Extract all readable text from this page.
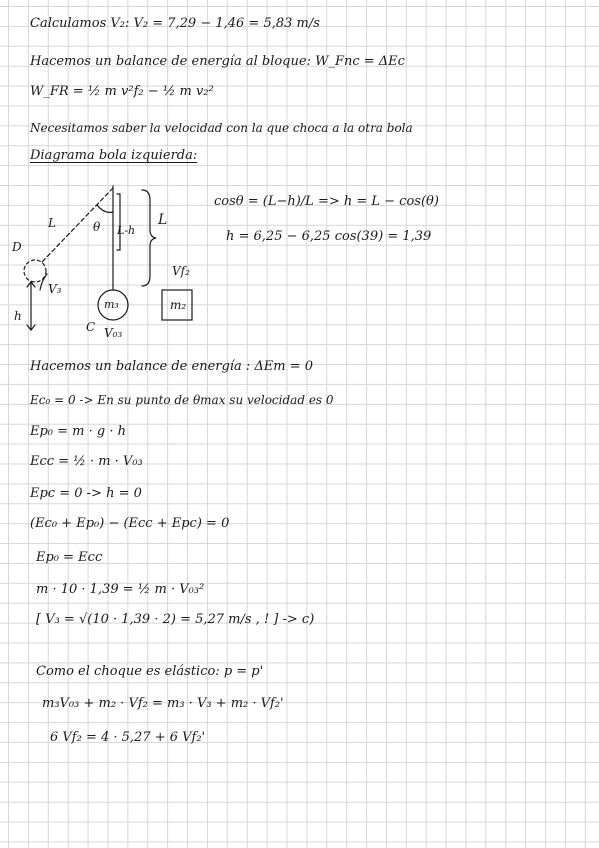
Calculamos V₂: V₂ = 7,29 − 1,46 = 5,83 m/s
Hacemos un balance de energía al bloque: W_Fnc = ΔEc
W_FR = ½ m v²f₂ − ½ m v₂²
Necesitamos saber la velocidad con la que choca a la otra bola
Diagrama bola izquierda:
cosθ = (L−h)/L => h = L − cos(θ)
h = 6,25 − 6,25 cos(39) = 1,39
Hacemos un balance de energía : ΔEm = 0
Ec₀ = 0 -> En su punto de θmax su velocidad es 0
Ep₀ = m · g · h
Ecc = ½ · m · V₀₃
Epc = 0 -> h = 0
(Ec₀ + Ep₀) − (Ecc + Epc) = 0
Ep₀ = Ecc
m · 10 · 1,39 = ½ m · V₀₃²
[ V₃ = √(10 · 1,39 · 2) = 5,27 m/s , ! ] -> c)
Como el choque es elástico: p = p'
m₃V₀₃ + m₂ · Vf₂ = m₃ · V₃ + m₂ · Vf₂'
6 Vf₂ = 4 · 5,27 + 6 Vf₂'
L	θ L-h
L
D
V₃
h
C
m₃
V₀₃
Vf₂
m₂
